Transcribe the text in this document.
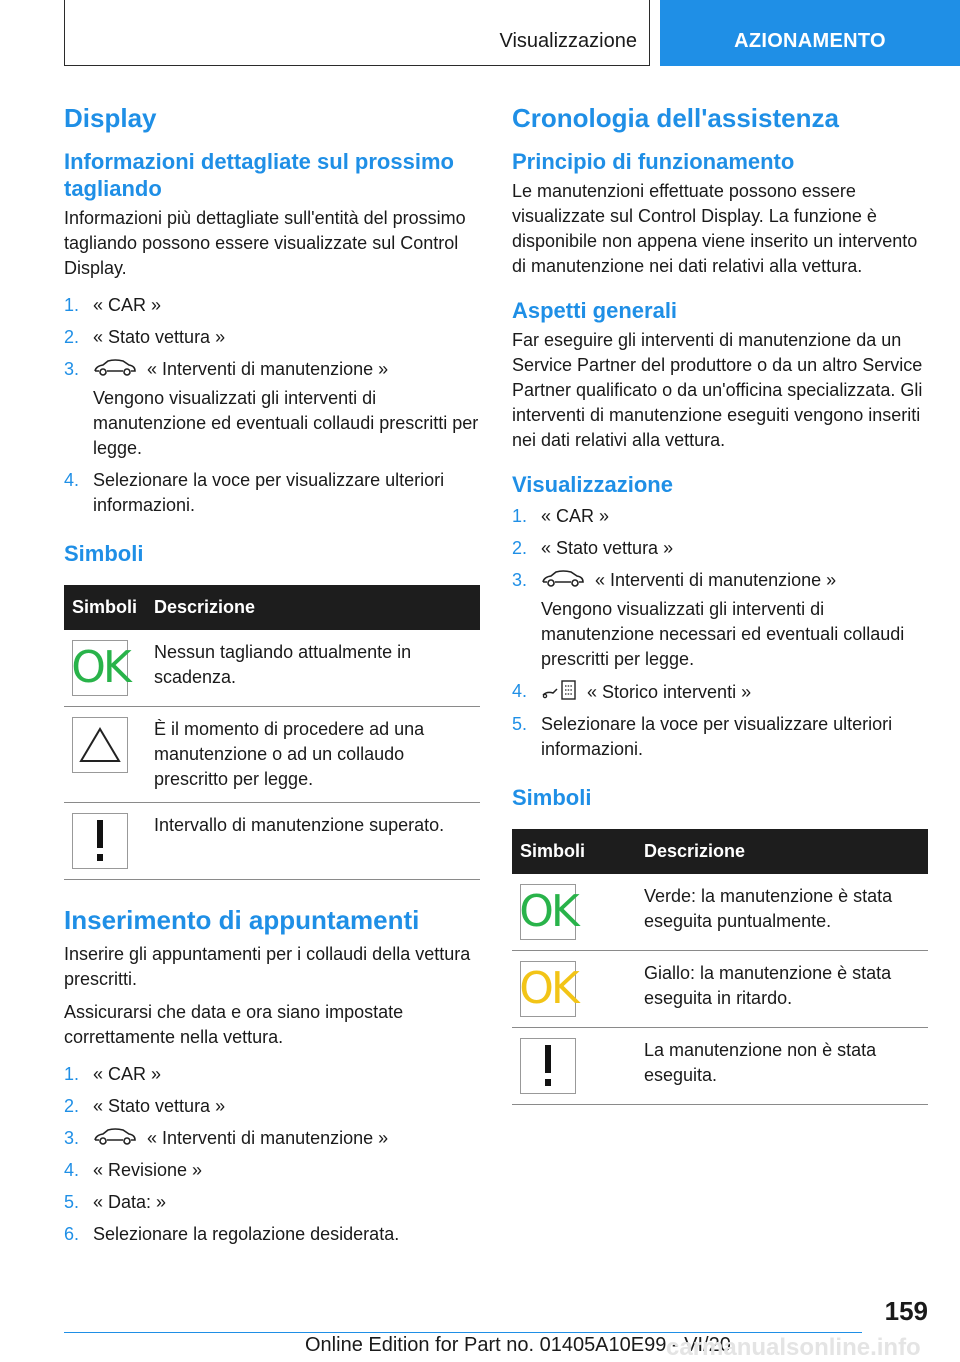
Visualizzazione	AZIONAMENTO
Display
Informazioni dettagliate sul prossimo tagliando
Informazioni più dettagliate sull'entità del prossimo tagliando possono essere visualizzate sul Control Display.
1. « CAR »
2. « Stato vettura »
3.	« Interventi di manutenzione »
Vengono visualizzati gli interventi di manutenzione ed eventuali collaudi prescritti per legge.
4. Selezionare la voce per visualizzare ulteriori informazioni.
Simboli
Simboli	Descrizione

OK	Nessun tagliando attualmente in scadenza.

	È il momento di procedere ad una manutenzione o ad un collaudo prescritto per legge.

	Intervallo di manutenzione superato.
Inserimento di appuntamenti
Inserire gli appuntamenti per i collaudi della vettura prescritti.
Assicurarsi che data e ora siano impostate correttamente nella vettura.
1. « CAR »
2. « Stato vettura »
3.	« Interventi di manutenzione »
4. « Revisione »
5. « Data: »
6. Selezionare la regolazione desiderata.
Cronologia dell'assistenza
Principio di funzionamento
Le manutenzioni effettuate possono essere visualizzate sul Control Display. La funzione è disponibile non appena viene inserito un intervento di manutenzione nei dati relativi alla vettura.
Aspetti generali
Far eseguire gli interventi di manutenzione da un Service Partner del produttore o da un altro Service Partner qualificato o da un'officina specializzata. Gli interventi di manutenzione eseguiti vengono inseriti nei dati relativi alla vettura.
Visualizzazione
1. « CAR »
2. « Stato vettura »
3.	« Interventi di manutenzione »
Vengono visualizzati gli interventi di manutenzione necessari ed eventuali collaudi prescritti per legge.
4.	« Storico interventi »
5. Selezionare la voce per visualizzare ulteriori informazioni.
Simboli
Simboli	Descrizione

OK	Verde: la manutenzione è stata eseguita puntualmente.

OK	Giallo: la manutenzione è stata eseguita in ritardo.

	La manutenzione non è stata eseguita.
159
Online Edition for Part no. 01405A10E99 - VI/20
carmanualsonline.info
